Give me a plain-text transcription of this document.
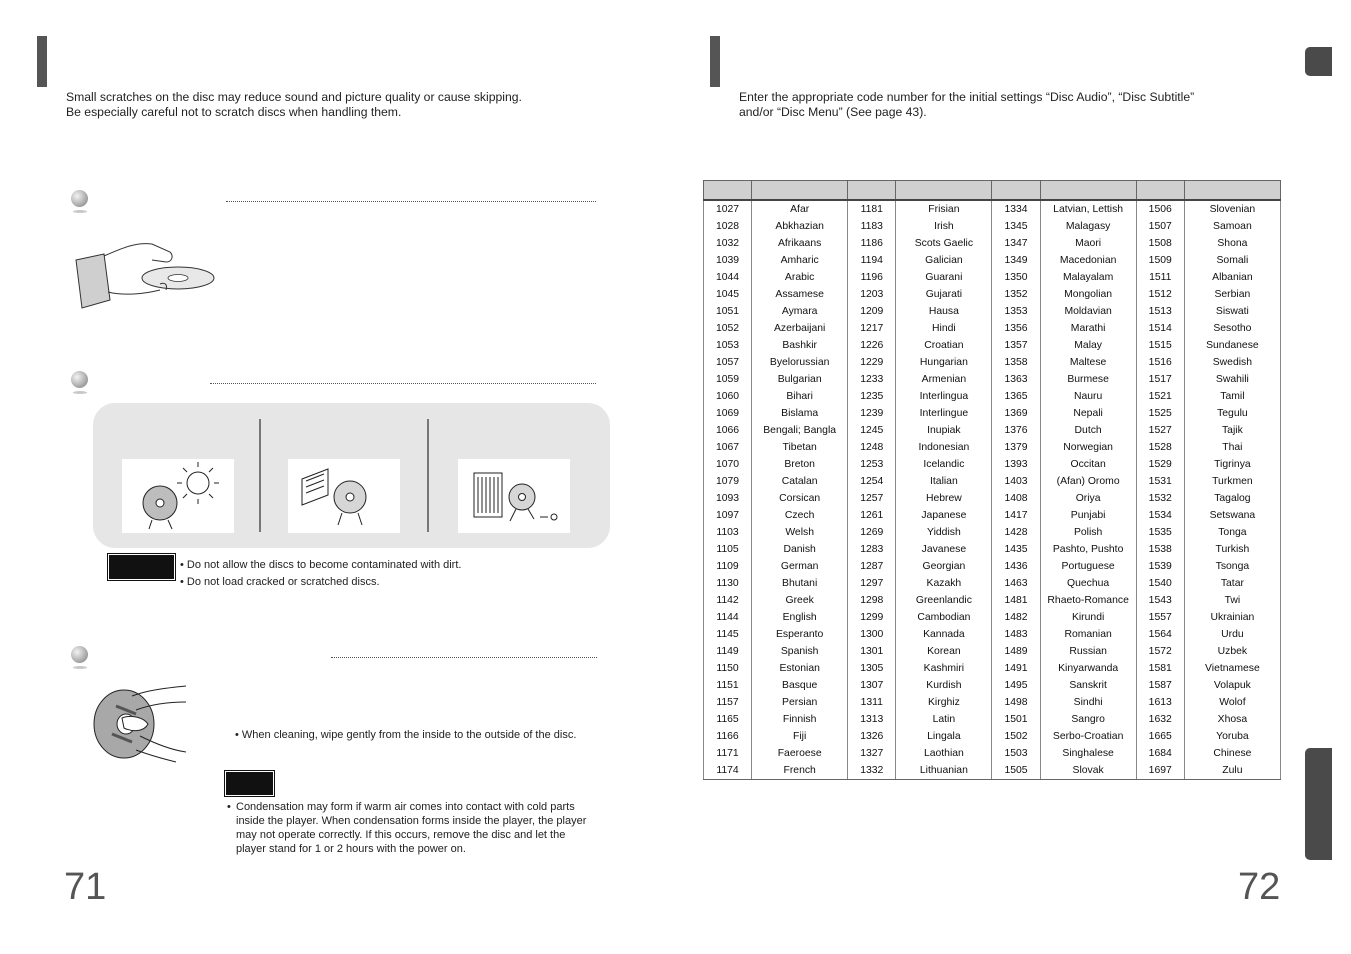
Small scratches on the disc may reduce sound and picture quality or cause skipping.
Be especially careful not to scratch discs when handling them.
• Do not allow the discs to become contaminated with dirt.
• Do not load cracked or scratched discs.
• When cleaning, wipe gently from the inside to the outside of the disc.
• Condensation may form if warm air comes into contact with cold parts
inside the player. When condensation forms inside the player, the player
may not operate correctly. If this occurs, remove the disc and let the
player stand for 1 or 2 hours with the power on.
71
Enter the appropriate code number for the initial settings “Disc Audio”, “Disc Subtitle”
and/or “Disc Menu” (See page 43).

1027	Afar	1181	Frisian	1334	Latvian, Lettish	1506	Slovenian
1028	Abkhazian	1183	Irish	1345	Malagasy	1507	Samoan
1032	Afrikaans	1186	Scots Gaelic	1347	Maori	1508	Shona
1039	Amharic	1194	Galician	1349	Macedonian	1509	Somali
1044	Arabic	1196	Guarani	1350	Malayalam	1511	Albanian
1045	Assamese	1203	Gujarati	1352	Mongolian	1512	Serbian
1051	Aymara	1209	Hausa	1353	Moldavian	1513	Siswati
1052	Azerbaijani	1217	Hindi	1356	Marathi	1514	Sesotho
1053	Bashkir	1226	Croatian	1357	Malay	1515	Sundanese
1057	Byelorussian	1229	Hungarian	1358	Maltese	1516	Swedish
1059	Bulgarian	1233	Armenian	1363	Burmese	1517	Swahili
1060	Bihari	1235	Interlingua	1365	Nauru	1521	Tamil
1069	Bislama	1239	Interlingue	1369	Nepali	1525	Tegulu
1066	Bengali; Bangla	1245	Inupiak	1376	Dutch	1527	Tajik
1067	Tibetan	1248	Indonesian	1379	Norwegian	1528	Thai
1070	Breton	1253	Icelandic	1393	Occitan	1529	Tigrinya
1079	Catalan	1254	Italian	1403	(Afan) Oromo	1531	Turkmen
1093	Corsican	1257	Hebrew	1408	Oriya	1532	Tagalog
1097	Czech	1261	Japanese	1417	Punjabi	1534	Setswana
1103	Welsh	1269	Yiddish	1428	Polish	1535	Tonga
1105	Danish	1283	Javanese	1435	Pashto, Pushto	1538	Turkish
1109	German	1287	Georgian	1436	Portuguese	1539	Tsonga
1130	Bhutani	1297	Kazakh	1463	Quechua	1540	Tatar
1142	Greek	1298	Greenlandic	1481	Rhaeto-Romance	1543	Twi
1144	English	1299	Cambodian	1482	Kirundi	1557	Ukrainian
1145	Esperanto	1300	Kannada	1483	Romanian	1564	Urdu
1149	Spanish	1301	Korean	1489	Russian	1572	Uzbek
1150	Estonian	1305	Kashmiri	1491	Kinyarwanda	1581	Vietnamese
1151	Basque	1307	Kurdish	1495	Sanskrit	1587	Volapuk
1157	Persian	1311	Kirghiz	1498	Sindhi	1613	Wolof
1165	Finnish	1313	Latin	1501	Sangro	1632	Xhosa
1166	Fiji	1326	Lingala	1502	Serbo-Croatian	1665	Yoruba
1171	Faeroese	1327	Laothian	1503	Singhalese	1684	Chinese
1174	French	1332	Lithuanian	1505	Slovak	1697	Zulu
72
